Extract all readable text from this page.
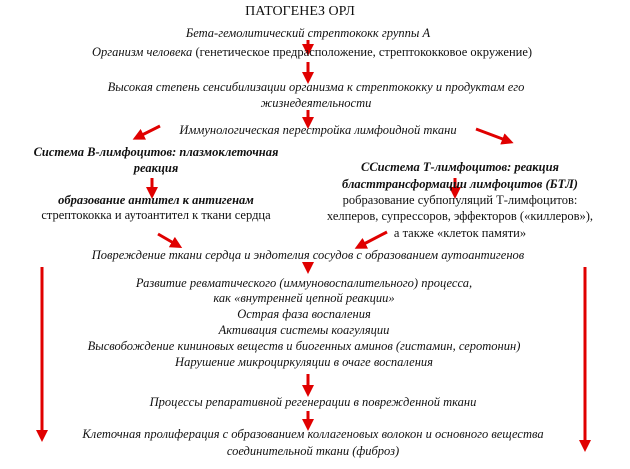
ПАТОГЕНЕЗ ОРЛ
Бета-гемолитический стрептококк группы А
Организм человека (генетическое предрасположение, стрептококковое окружение)
Высокая степень сенсибилизации организма к стрептококку и продуктам его
жизнедеятельности
Иммунологическая перестройка лимфоидной ткани
Система В-лимфоцитов: плазмоклеточная
реакция
образование антител к антигенам
стрептококка и аутоантител к ткани сердца
ССистема Т-лимфоцитов: реакция
бласттрансформации лимфоцитов (БТЛ)
робразование субпопуляций Т-лимфоцитов:
хелперов, супрессоров, эффекторов («киллеров»),
а также «клеток памяти»
Повреждение ткани сердца и эндотелия сосудов с образованием аутоантигенов
Развитие ревматического (иммуновоспалительного) процесса,
как «внутренней цепной реакции»
Острая фаза воспаления
Активация системы коагуляции
Высвобождение кининовых веществ и биогенных аминов (гистамин, серотонин)
Нарушение микроциркуляции в очаге воспаления
Процессы репаративной регенерации в поврежденной ткани
Клеточная пролиферация с образованием коллагеновых волокон и основного вещества
соединительной ткани (фиброз)
